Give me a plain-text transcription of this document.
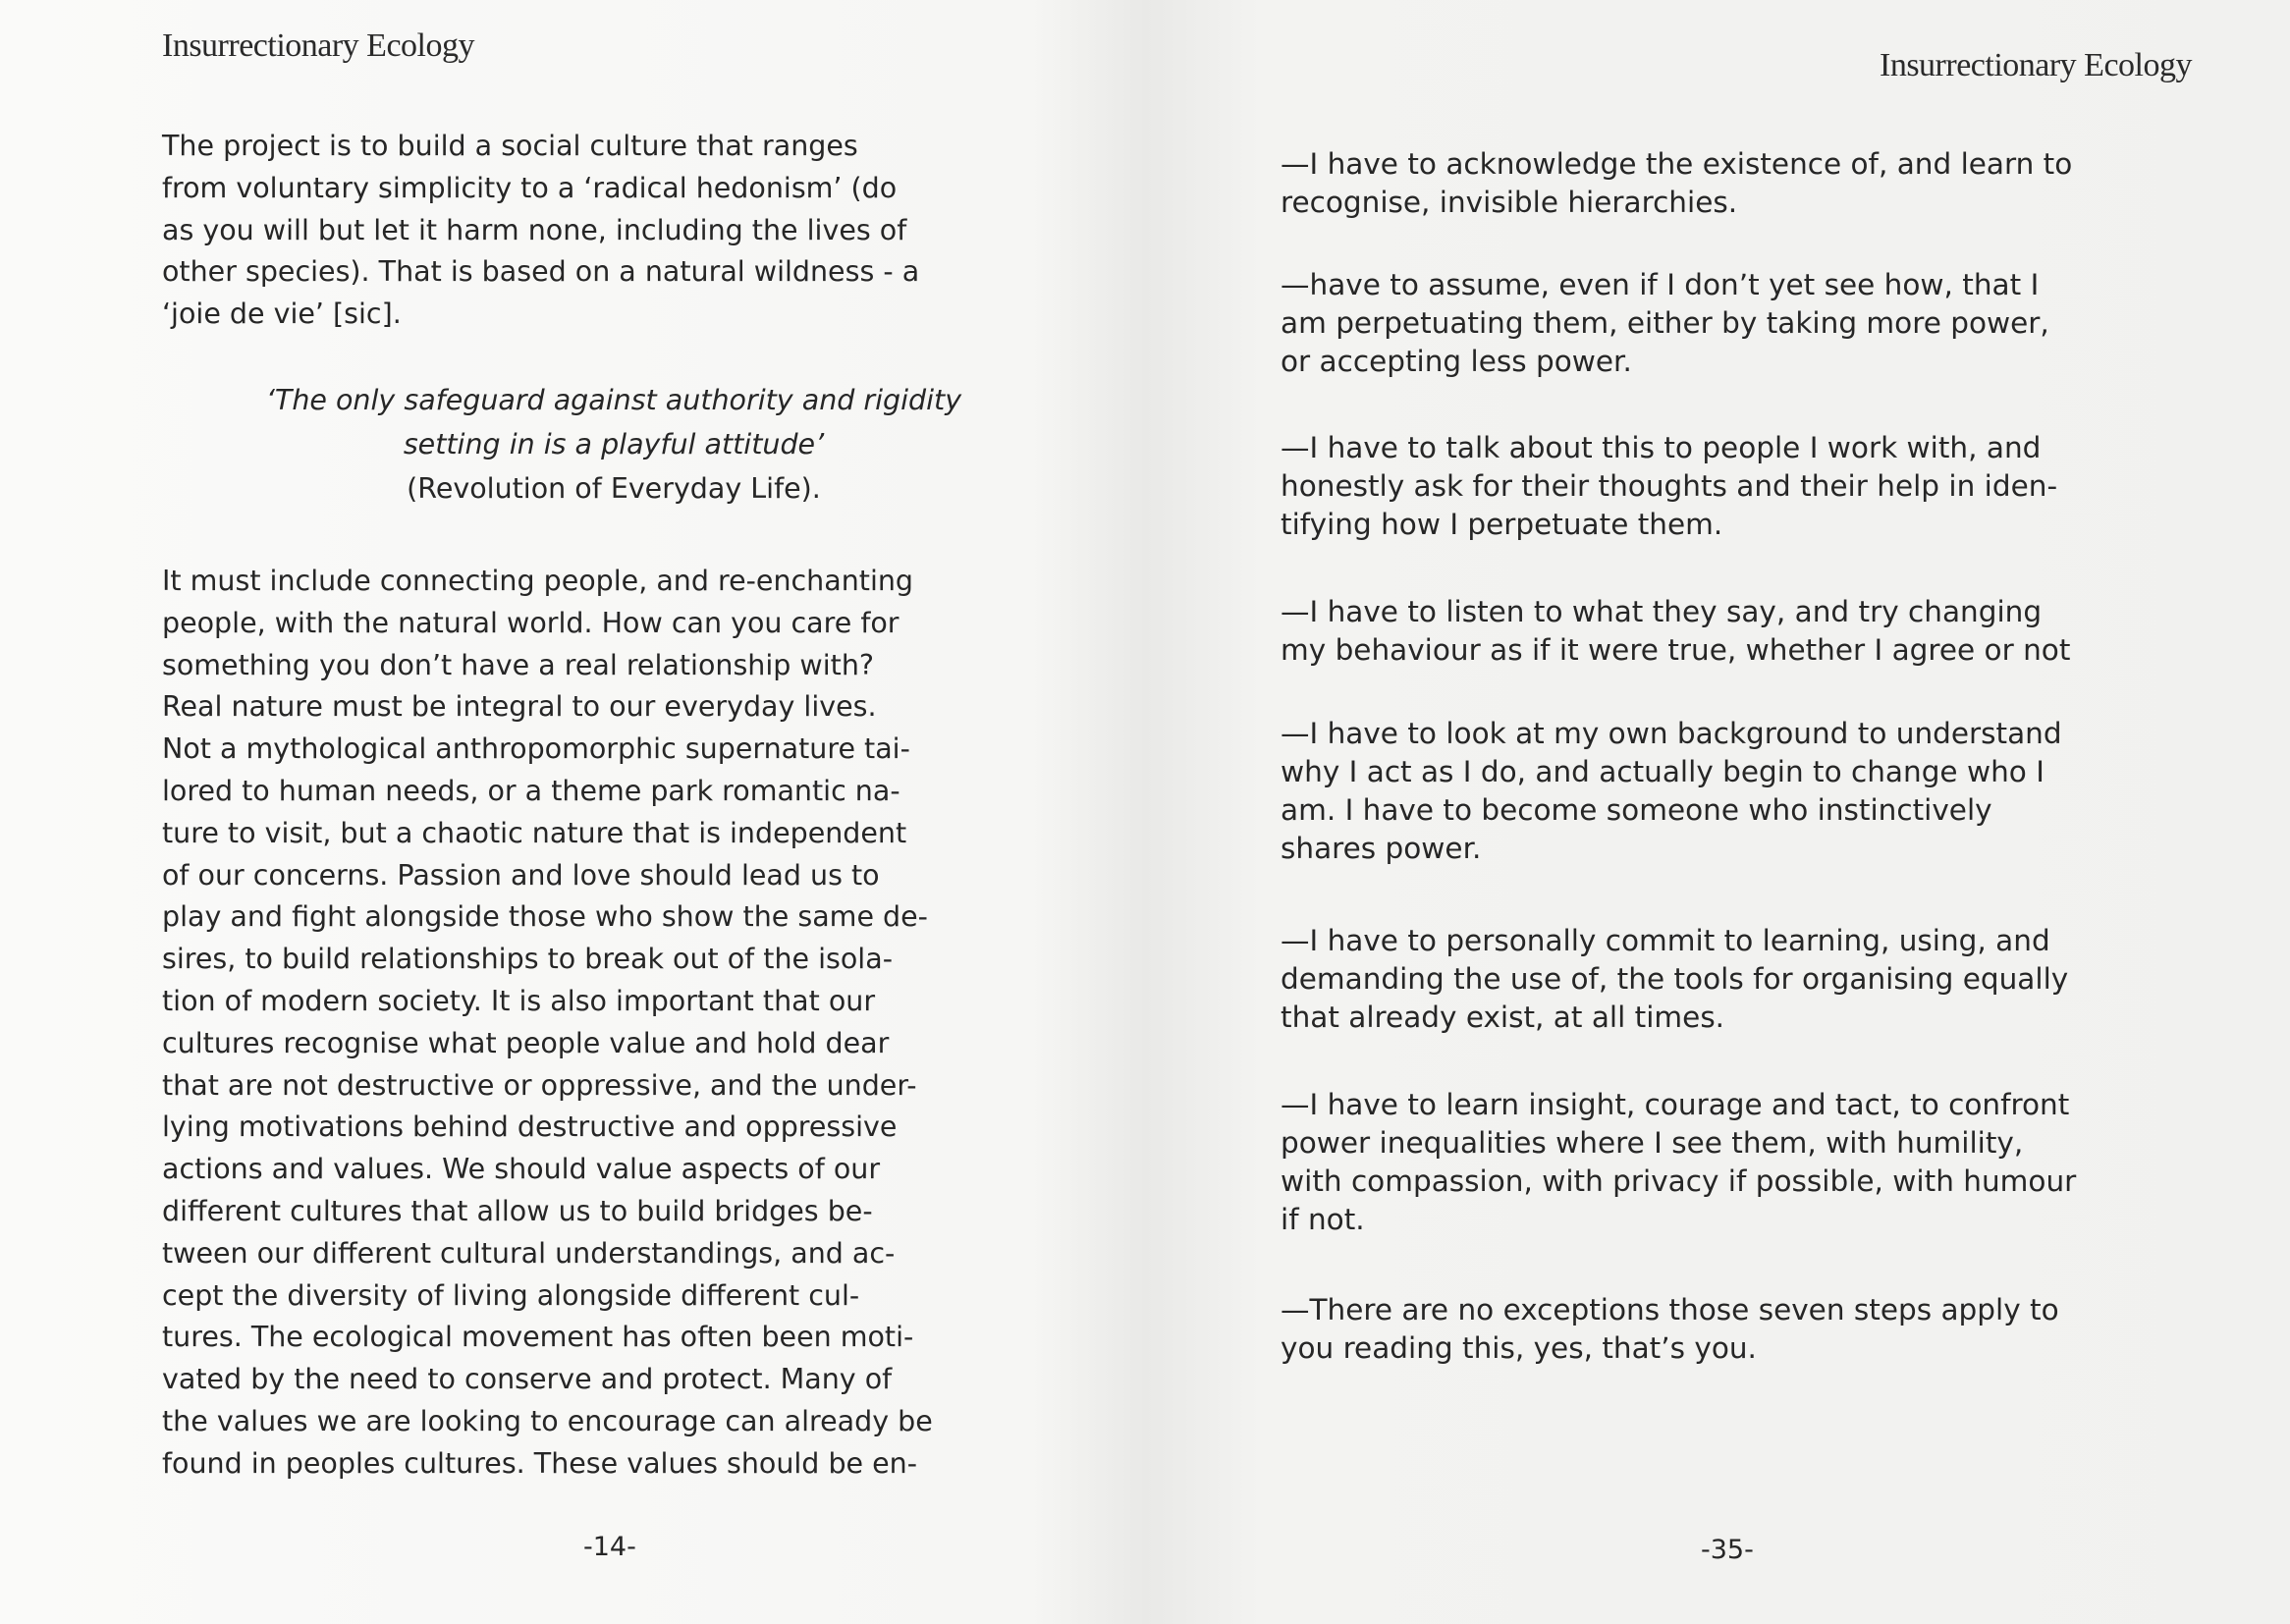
Insurrectionary Ecology
The project is to build a social culture that ranges
from voluntary simplicity to a ‘radical hedonism’ (do
as you will but let it harm none, including the lives of
other species). That is based on a natural wildness - a
‘joie de vie’ [sic].
‘The only safeguard against authority and rigidity
setting in is a playful attitude’
(Revolution of Everyday Life).
It must include connecting people, and re-enchanting
people, with the natural world. How can you care for
something you don’t have a real relationship with?
Real nature must be integral to our everyday lives.
Not a mythological anthropomorphic supernature tai-
lored to human needs, or a theme park romantic na-
ture to visit, but a chaotic nature that is independent
of our concerns. Passion and love should lead us to
play and fight alongside those who show the same de-
sires, to build relationships to break out of the isola-
tion of modern society. It is also important that our
cultures recognise what people value and hold dear
that are not destructive or oppressive, and the under-
lying motivations behind destructive and oppressive
actions and values. We should value aspects of our
different cultures that allow us to build bridges be-
tween our different cultural understandings, and ac-
cept the diversity of living alongside different cul-
tures. The ecological movement has often been moti-
vated by the need to conserve and protect. Many of
the values we are looking to encourage can already be
found in peoples cultures. These values should be en-
-14-
Insurrectionary Ecology
—I have to acknowledge the existence of, and learn to
recognise, invisible hierarchies.
—have to assume, even if I don’t yet see how, that I
am perpetuating them, either by taking more power,
or accepting less power.
—I have to talk about this to people I work with, and
honestly ask for their thoughts and their help in iden-
tifying how I perpetuate them.
—I have to listen to what they say, and try changing
my behaviour as if it were true, whether I agree or not
—I have to look at my own background to understand
why I act as I do, and actually begin to change who I
am. I have to become someone who instinctively
shares power.
—I have to personally commit to learning, using, and
demanding the use of, the tools for organising equally
that already exist, at all times.
—I have to learn insight, courage and tact, to confront
power inequalities where I see them, with humility,
with compassion, with privacy if possible, with humour
if not.
—There are no exceptions those seven steps apply to
you reading this, yes, that’s you.
-35-
